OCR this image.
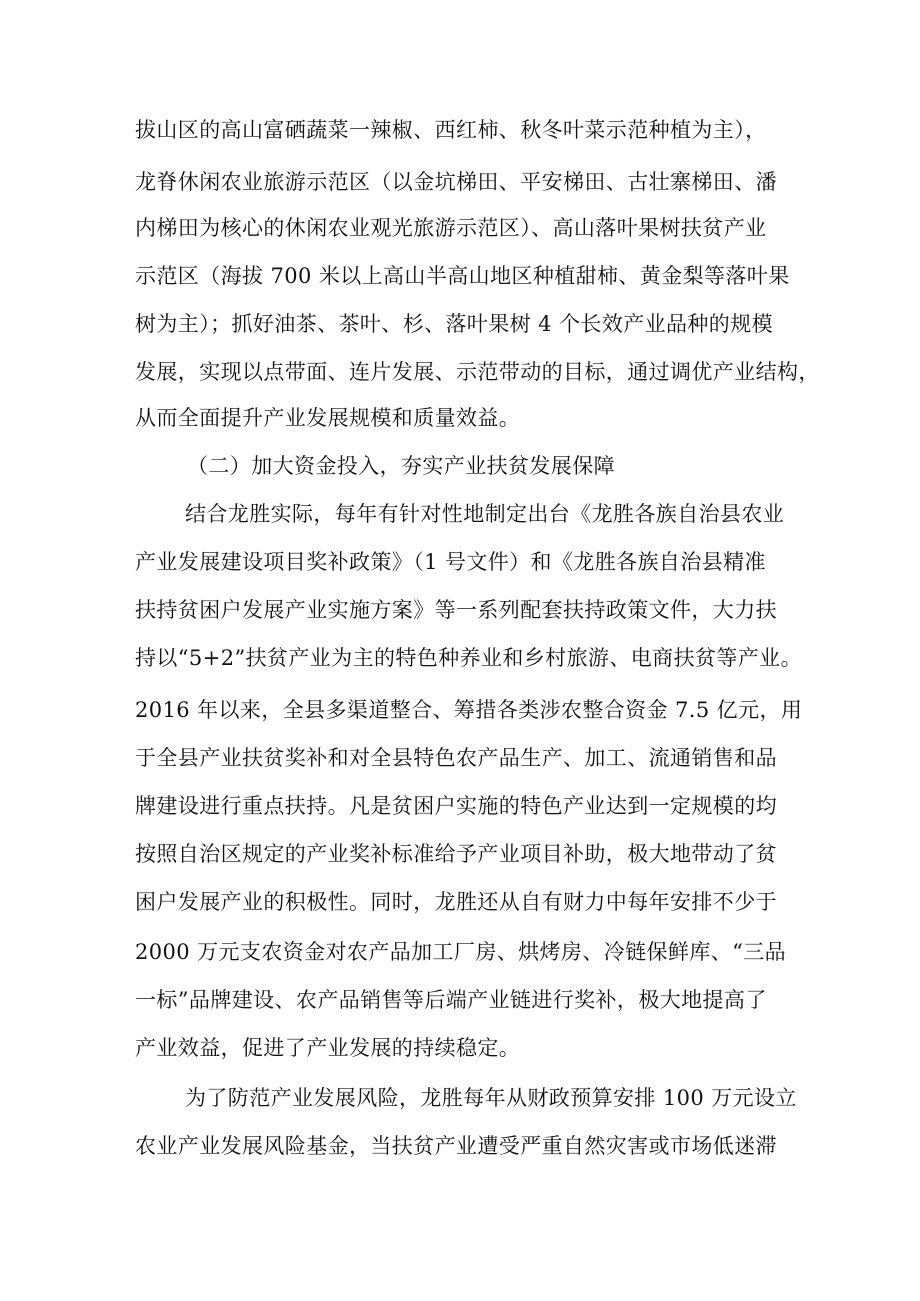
拔山区的高山富硒蔬菜一辣椒、西红柿、秋冬叶菜示范种植为主），
龙脊休闲农业旅游示范区（以金坑梯田、平安梯田、古壮寨梯田、潘
内梯田为核心的休闲农业观光旅游示范区）、高山落叶果树扶贫产业
示范区（海拔 700 米以上高山半高山地区种植甜柿、黄金梨等落叶果
树为主）；抓好油茶、茶叶、杉、落叶果树 4 个长效产业品种的规模
发展，实现以点带面、连片发展、示范带动的目标，通过调优产业结构，
从而全面提升产业发展规模和质量效益。
（二）加大资金投入，夯实产业扶贫发展保障
结合龙胜实际，每年有针对性地制定出台《龙胜各族自治县农业
产业发展建设项目奖补政策》（1 号文件）和《龙胜各族自治县精准
扶持贫困户发展产业实施方案》等一系列配套扶持政策文件，大力扶
持以“5+2”扶贫产业为主的特色种养业和乡村旅游、电商扶贫等产业。
2016 年以来，全县多渠道整合、筹措各类涉农整合资金 7.5 亿元，用
于全县产业扶贫奖补和对全县特色农产品生产、加工、流通销售和品
牌建设进行重点扶持。凡是贫困户实施的特色产业达到一定规模的均
按照自治区规定的产业奖补标准给予产业项目补助，极大地带动了贫
困户发展产业的积极性。同时，龙胜还从自有财力中每年安排不少于
2000 万元支农资金对农产品加工厂房、烘烤房、冷链保鲜库、“三品
一标”品牌建设、农产品销售等后端产业链进行奖补，极大地提高了
产业效益，促进了产业发展的持续稳定。
为了防范产业发展风险，龙胜每年从财政预算安排 100 万元设立
农业产业发展风险基金，当扶贫产业遭受严重自然灾害或市场低迷滞
